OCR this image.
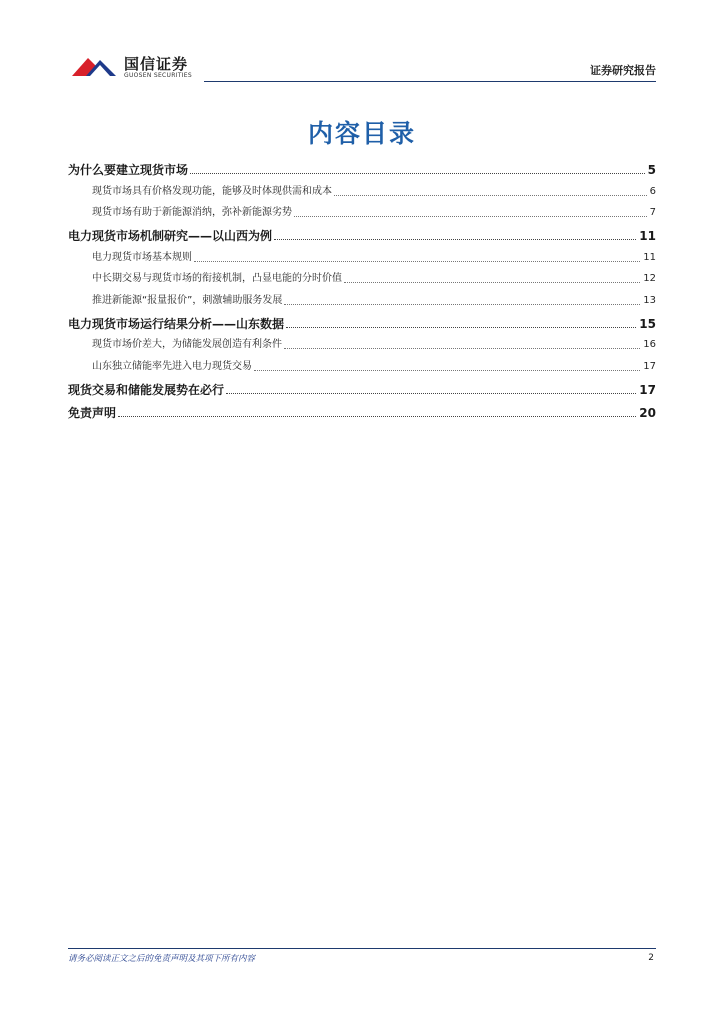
国信证券
GUOSEN SECURITIES	证券研究报告
内容目录
为什么要建立现货市场	5
现货市场具有价格发现功能，能够及时体现供需和成本	6
现货市场有助于新能源消纳，弥补新能源劣势	7
电力现货市场机制研究——以山西为例	11
电力现货市场基本规则	11
中长期交易与现货市场的衔接机制，凸显电能的分时价值	12
推进新能源“报量报价”，刺激辅助服务发展	13
电力现货市场运行结果分析——山东数据	15
现货市场价差大，为储能发展创造有利条件	16
山东独立储能率先进入电力现货交易	17
现货交易和储能发展势在必行	17
免责声明	20
请务必阅读正文之后的免责声明及其项下所有内容	2
